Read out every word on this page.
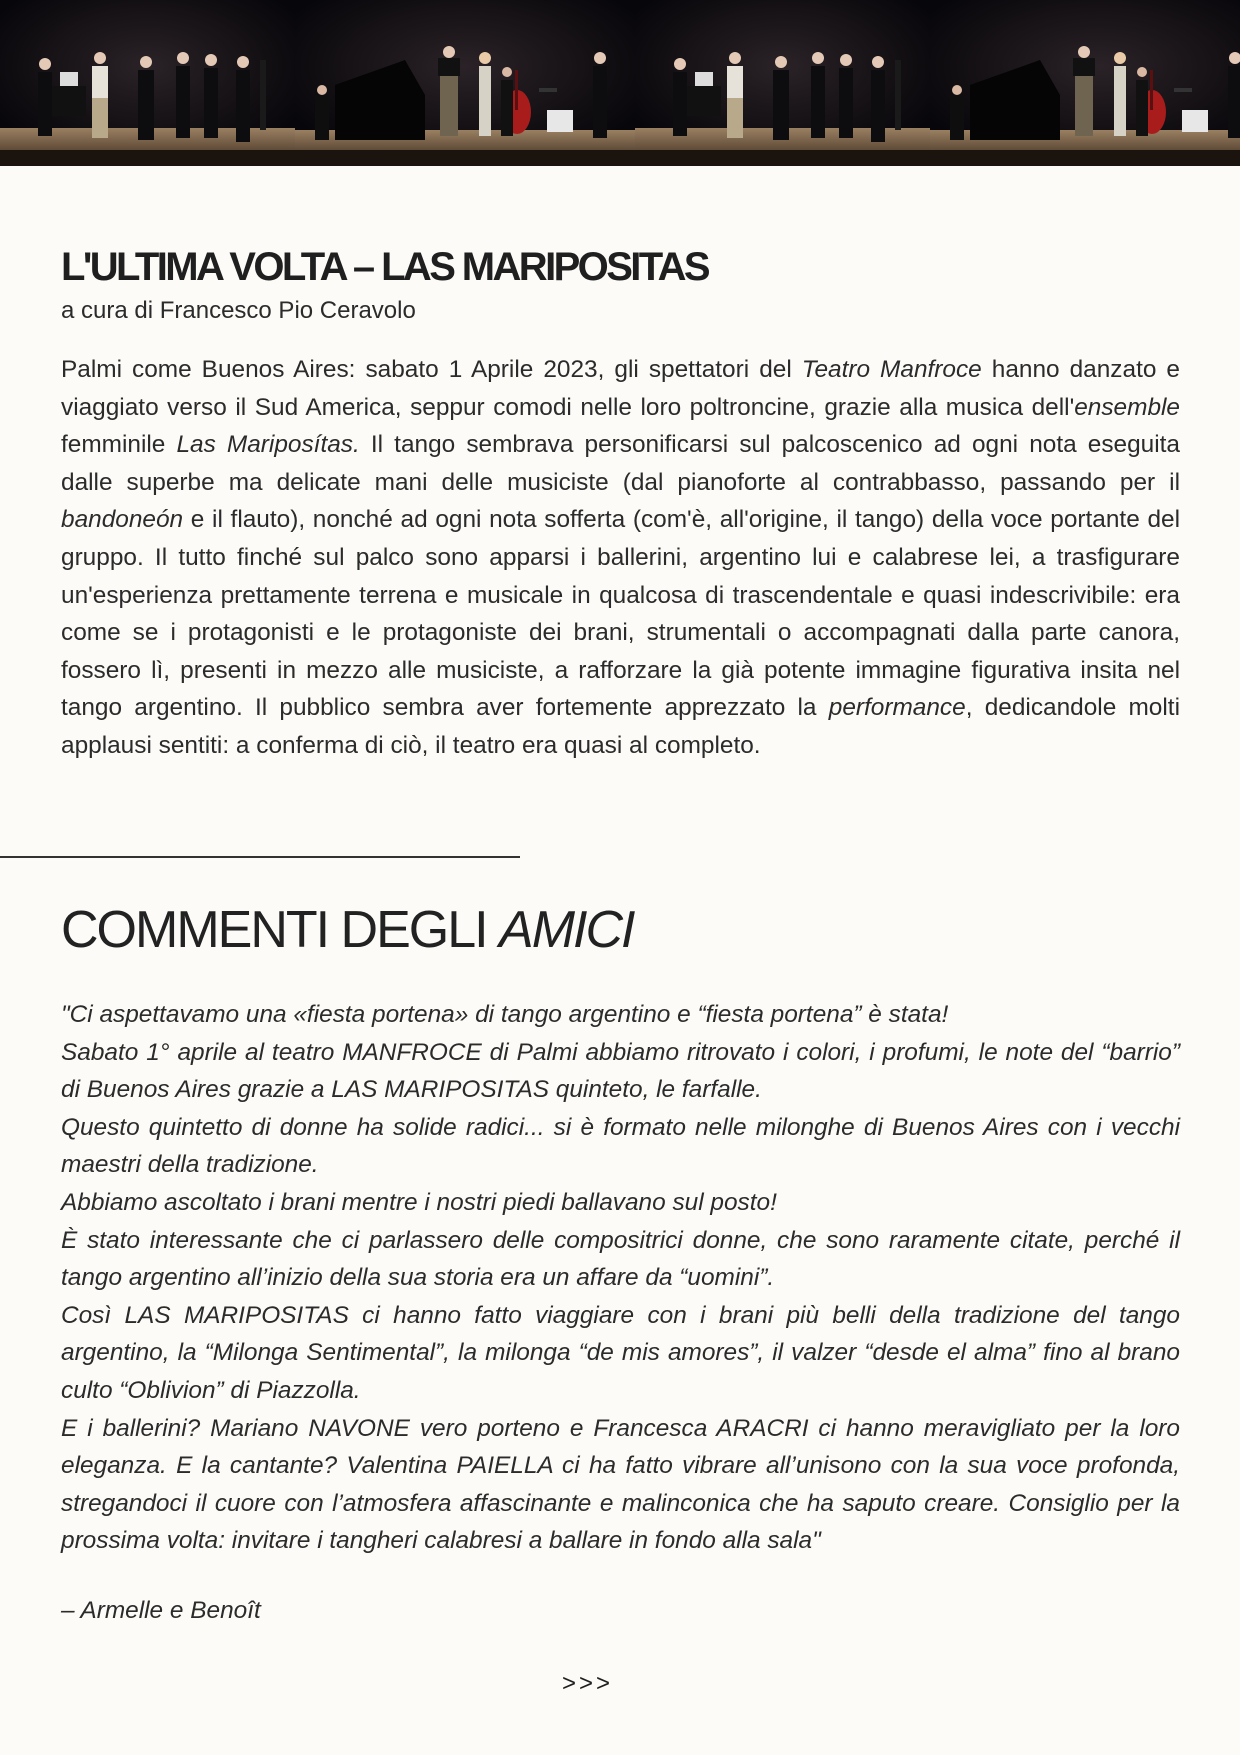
L'ULTIMA VOLTA – LAS MARIPOSITAS

a cura di Francesco Pio Ceravolo

Palmi come Buenos Aires: sabato 1 Aprile 2023, gli spettatori del Teatro Manfroce hanno danzato e viaggiato verso il Sud America, seppur comodi nelle loro poltroncine, grazie alla musica dell'ensemble femminile Las Mariposítas. Il tango sembrava personificarsi sul palcoscenico ad ogni nota eseguita dalle superbe ma delicate mani delle musiciste (dal pianoforte al contrabbasso, passando per il bandoneón e il flauto), nonché ad ogni nota sofferta (com'è, all'origine, il tango) della voce portante del gruppo. Il tutto finché sul palco sono apparsi i ballerini, argentino lui e calabrese lei, a trasfigurare un'esperienza prettamente terrena e musicale in qualcosa di trascendentale e quasi indescrivibile: era come se i protagonisti e le protagoniste dei brani, strumentali o accompagnati dalla parte canora, fossero lì, presenti in mezzo alle musiciste, a rafforzare la già potente immagine figurativa insita nel tango argentino. Il pubblico sembra aver fortemente apprezzato la performance, dedicandole molti applausi sentiti: a conferma di ciò, il teatro era quasi al completo.

COMMENTI DEGLI AMICI

"Ci aspettavamo una «fiesta portena» di tango argentino e “fiesta portena” è stata!
Sabato 1° aprile al teatro MANFROCE di Palmi abbiamo ritrovato i colori, i profumi, le note del “barrio” di Buenos Aires grazie a LAS MARIPOSITAS quinteto, le farfalle.
Questo quintetto di donne ha solide radici... si è formato nelle milonghe di Buenos Aires con i vecchi maestri della tradizione.
Abbiamo ascoltato i brani mentre i nostri piedi ballavano sul posto!
È stato interessante che ci parlassero delle compositrici donne, che sono raramente citate, perché il tango argentino all’inizio della sua storia era un affare da “uomini”.
Così LAS MARIPOSITAS ci hanno fatto viaggiare con i brani più belli della tradizione del tango argentino, la “Milonga Sentimental”, la milonga “de mis amores”, il valzer “desde el alma” fino al brano culto “Oblivion” di Piazzolla.
E i ballerini? Mariano NAVONE vero porteno e Francesca ARACRI ci hanno meravigliato per la loro eleganza. E la cantante? Valentina PAIELLA ci ha fatto vibrare all’unisono con la sua voce profonda, stregandoci il cuore con l’atmosfera affascinante e malinconica che ha saputo creare. Consiglio per la prossima volta: invitare i tangheri calabresi a ballare in fondo alla sala"

– Armelle e Benoît

>>>
